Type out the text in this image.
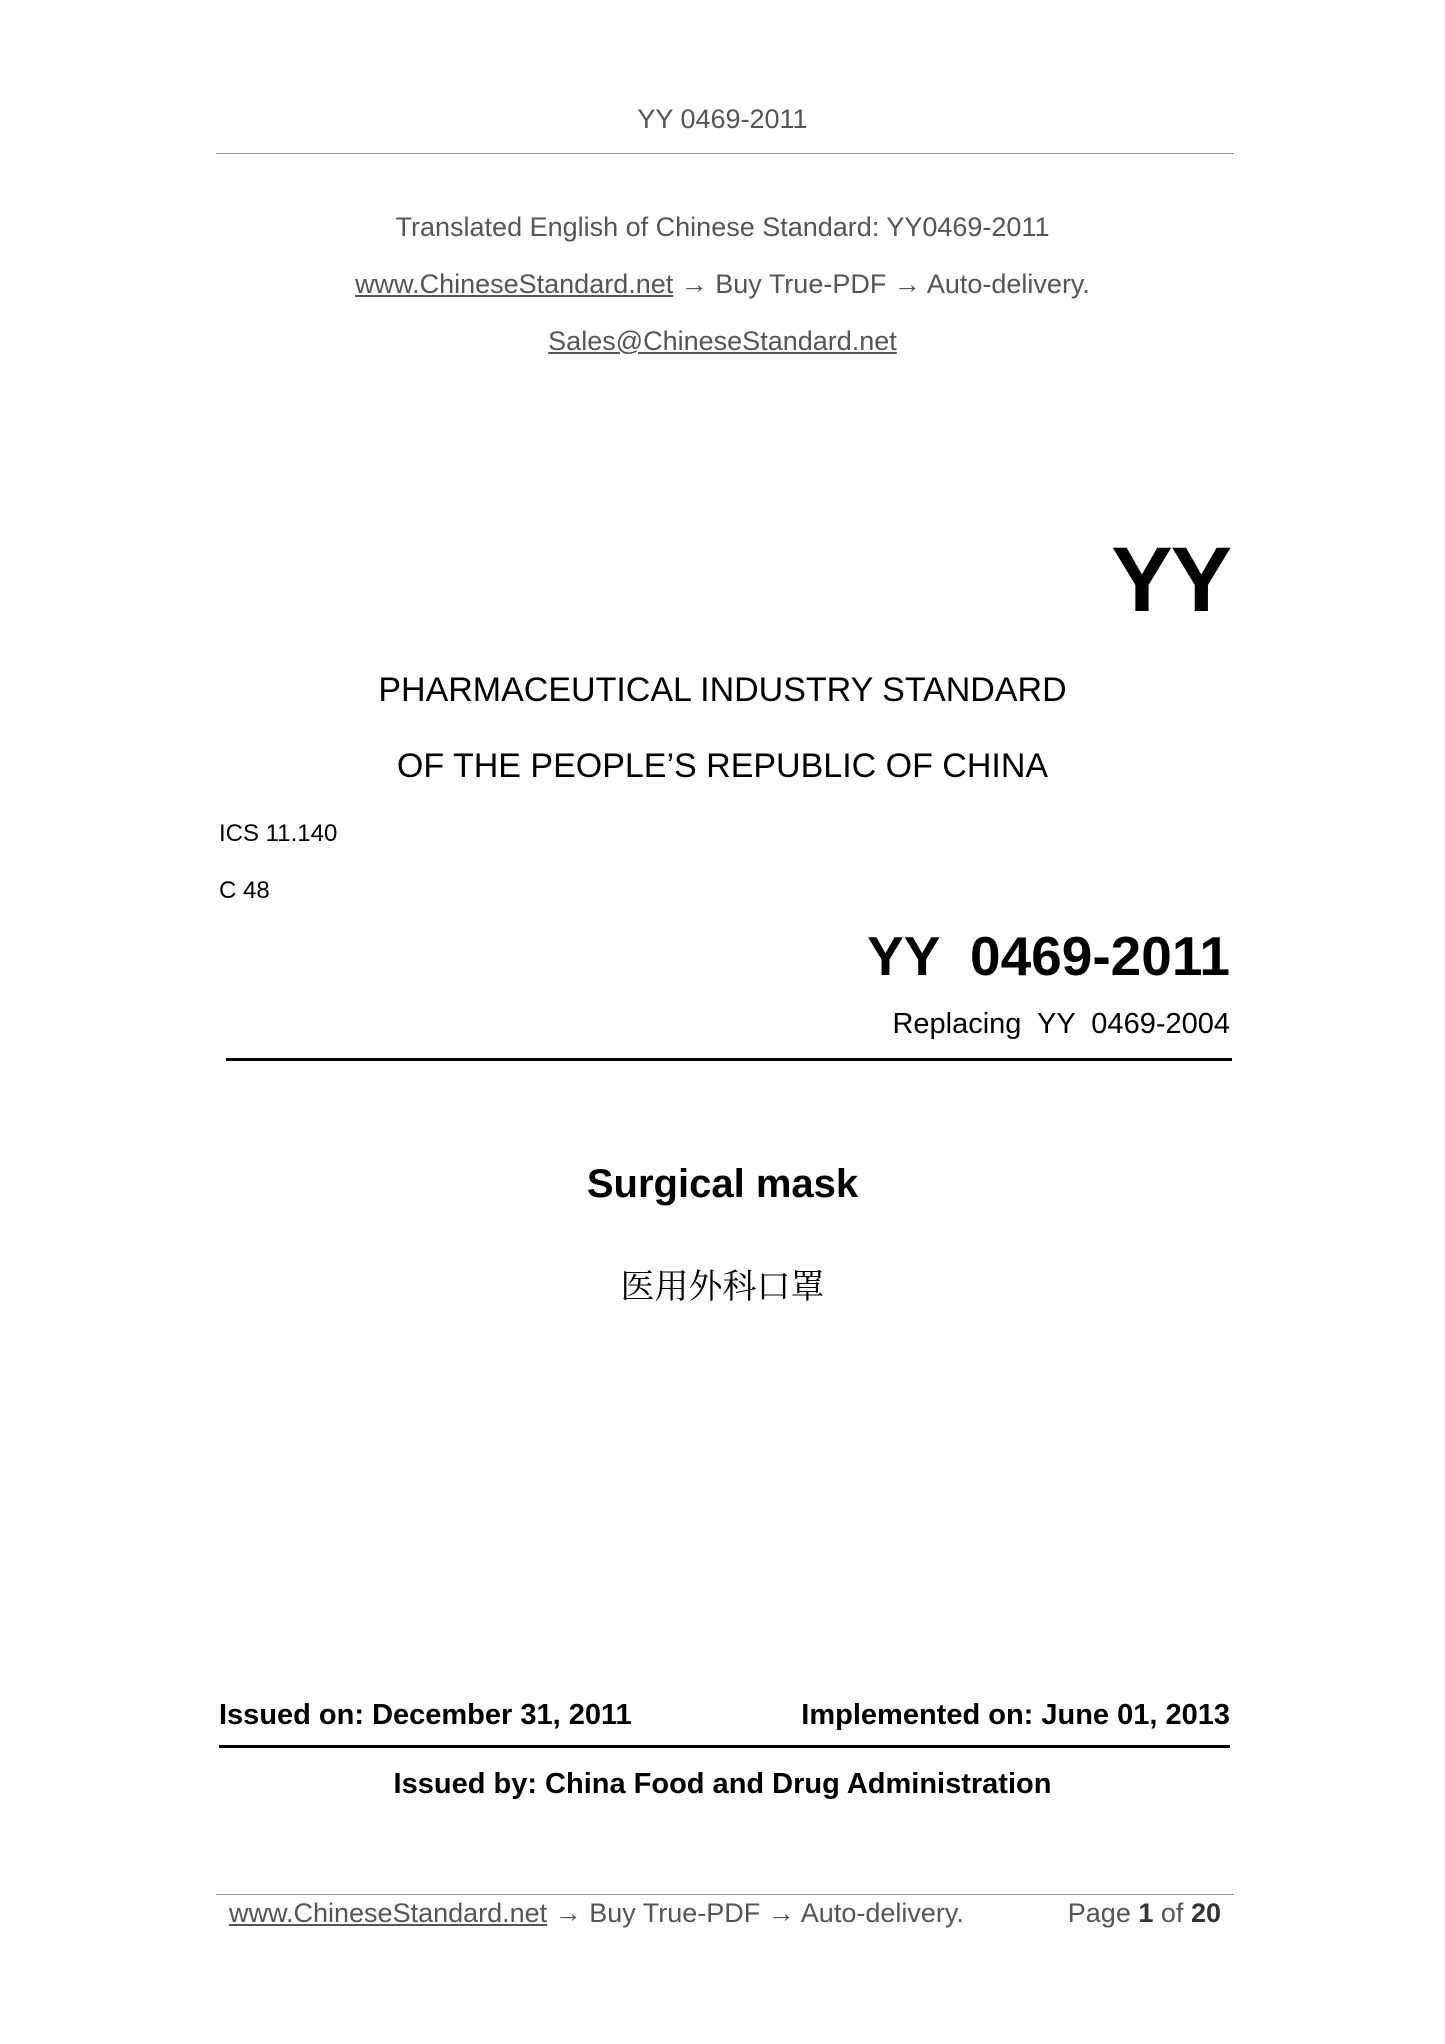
YY 0469-2011
Translated English of Chinese Standard: YY0469-2011
www.ChineseStandard.net → Buy True-PDF → Auto-delivery.
Sales@ChineseStandard.net
YY
PHARMACEUTICAL INDUSTRY STANDARD
OF THE PEOPLE’S REPUBLIC OF CHINA
ICS 11.140
C 48
YY  0469-2011
Replacing  YY  0469-2004
Surgical mask
医用外科口罩
Issued on: December 31, 2011	Implemented on: June 01, 2013
Issued by: China Food and Drug Administration
www.ChineseStandard.net → Buy True-PDF → Auto-delivery.	Page 1 of 20
